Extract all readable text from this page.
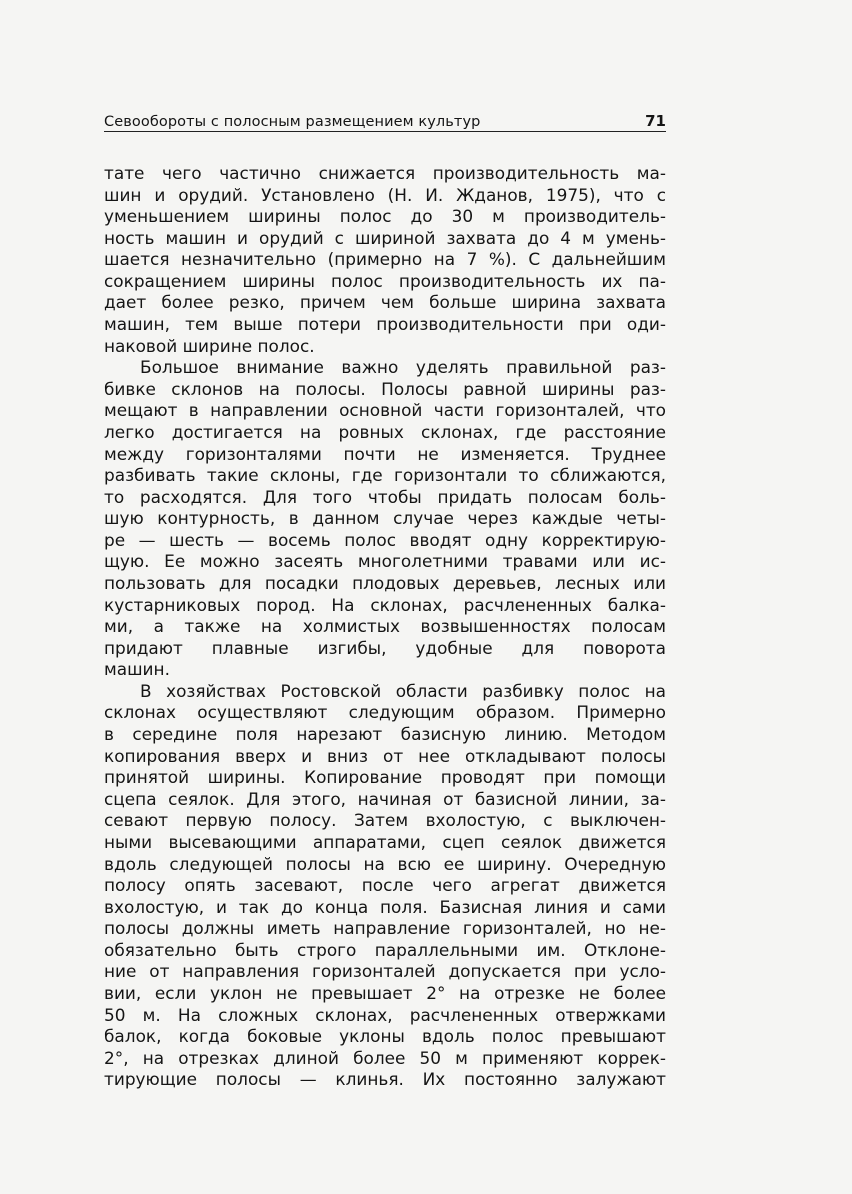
Севообороты с полосным размещением культур	71
тате чего частично снижается производительность ма-
шин и орудий. Установлено (Н. И. Жданов, 1975), что с
уменьшением ширины полос до 30 м производитель-
ность машин и орудий с шириной захвата до 4 м умень-
шается незначительно (примерно на 7 %). С дальнейшим
сокращением ширины полос производительность их па-
дает более резко, причем чем больше ширина захвата
машин, тем выше потери производительности при оди-
наковой ширине полос.
Большое внимание важно уделять правильной раз-
бивке склонов на полосы. Полосы равной ширины раз-
мещают в направлении основной части горизонталей, что
легко достигается на ровных склонах, где расстояние
между горизонталями почти не изменяется. Труднее
разбивать такие склоны, где горизонтали то сближаются,
то расходятся. Для того чтобы придать полосам боль-
шую контурность, в данном случае через каждые четы-
ре — шесть — восемь полос вводят одну корректирую-
щую. Ее можно засеять многолетними травами или ис-
пользовать для посадки плодовых деревьев, лесных или
кустарниковых пород. На склонах, расчлененных балка-
ми, а также на холмистых возвышенностях полосам
придают плавные изгибы, удобные для поворота
машин.
В хозяйствах Ростовской области разбивку полос на
склонах осуществляют следующим образом. Примерно
в середине поля нарезают базисную линию. Методом
копирования вверх и вниз от нее откладывают полосы
принятой ширины. Копирование проводят при помощи
сцепа сеялок. Для этого, начиная от базисной линии, за-
севают первую полосу. Затем вхолостую, с выключен-
ными высевающими аппаратами, сцеп сеялок движется
вдоль следующей полосы на всю ее ширину. Очередную
полосу опять засевают, после чего агрегат движется
вхолостую, и так до конца поля. Базисная линия и сами
полосы должны иметь направление горизонталей, но не-
обязательно быть строго параллельными им. Отклоне-
ние от направления горизонталей допускается при усло-
вии, если уклон не превышает 2° на отрезке не более
50 м. На сложных склонах, расчлененных отвержками
балок, когда боковые уклоны вдоль полос превышают
2°, на отрезках длиной более 50 м применяют коррек-
тирующие полосы — клинья. Их постоянно залужают
